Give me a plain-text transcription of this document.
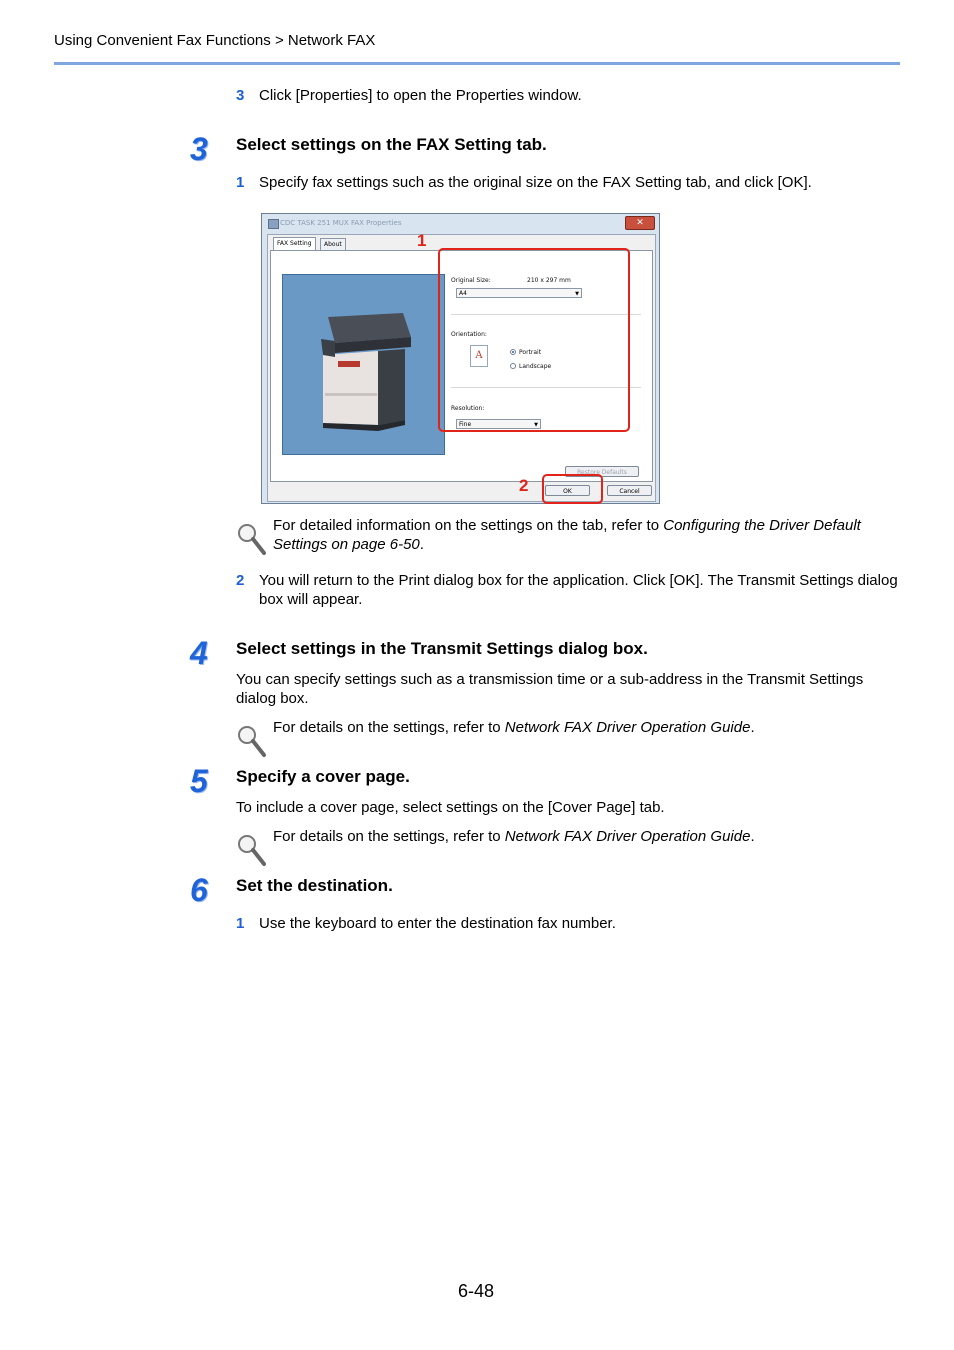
Using Convenient Fax Functions > Network FAX
3 Click [Properties] to open the Properties window.
3 Select settings on the FAX Setting tab.
1 Specify fax settings such as the original size on the FAX Setting tab, and click [OK].
CDC TASK 251 MUX FAX Properties	✕
FAX Setting	About
Original Size:	210 x 297 mm
A4	▼
Orientation:
A	Portrait
Landscape
Resolution:
Fine	▼
Restore Defaults
OK	Cancel
1
2
For detailed information on the settings on the tab, refer to Configuring the Driver Default Settings on page 6-50.
2 You will return to the Print dialog box for the application. Click [OK]. The Transmit Settings dialog box will appear.
4 Select settings in the Transmit Settings dialog box.
You can specify settings such as a transmission time or a sub-address in the Transmit Settings dialog box.
For details on the settings, refer to Network FAX Driver Operation Guide.
5 Specify a cover page.
To include a cover page, select settings on the [Cover Page] tab.
For details on the settings, refer to Network FAX Driver Operation Guide.
6 Set the destination.
1 Use the keyboard to enter the destination fax number.
6-48
